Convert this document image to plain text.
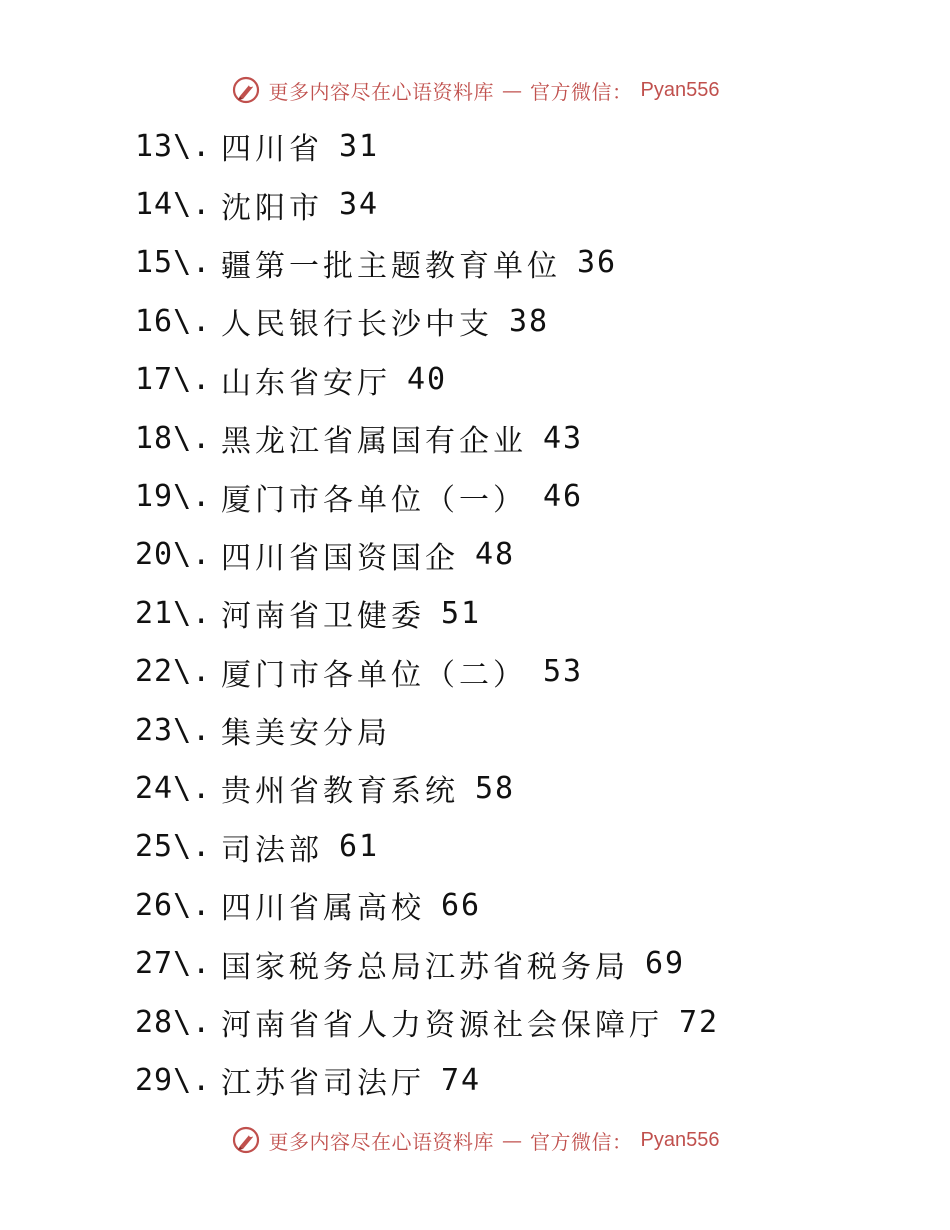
更多内容尽在心语资料库 — 官方微信： Pyan556
13\. 四川省 31
14\. 沈阳市 34
15\. 疆第一批主题教育单位 36
16\. 人民银行长沙中支 38
17\. 山东省安厅 40
18\. 黑龙江省属国有企业 43
19\. 厦门市各单位（一） 46
20\. 四川省国资国企 48
21\. 河南省卫健委 51
22\. 厦门市各单位（二） 53
23\. 集美安分局
24\. 贵州省教育系统 58
25\. 司法部 61
26\. 四川省属高校 66
27\. 国家税务总局江苏省税务局 69
28\. 河南省省人力资源社会保障厅 72
29\. 江苏省司法厅 74
更多内容尽在心语资料库 — 官方微信： Pyan556
